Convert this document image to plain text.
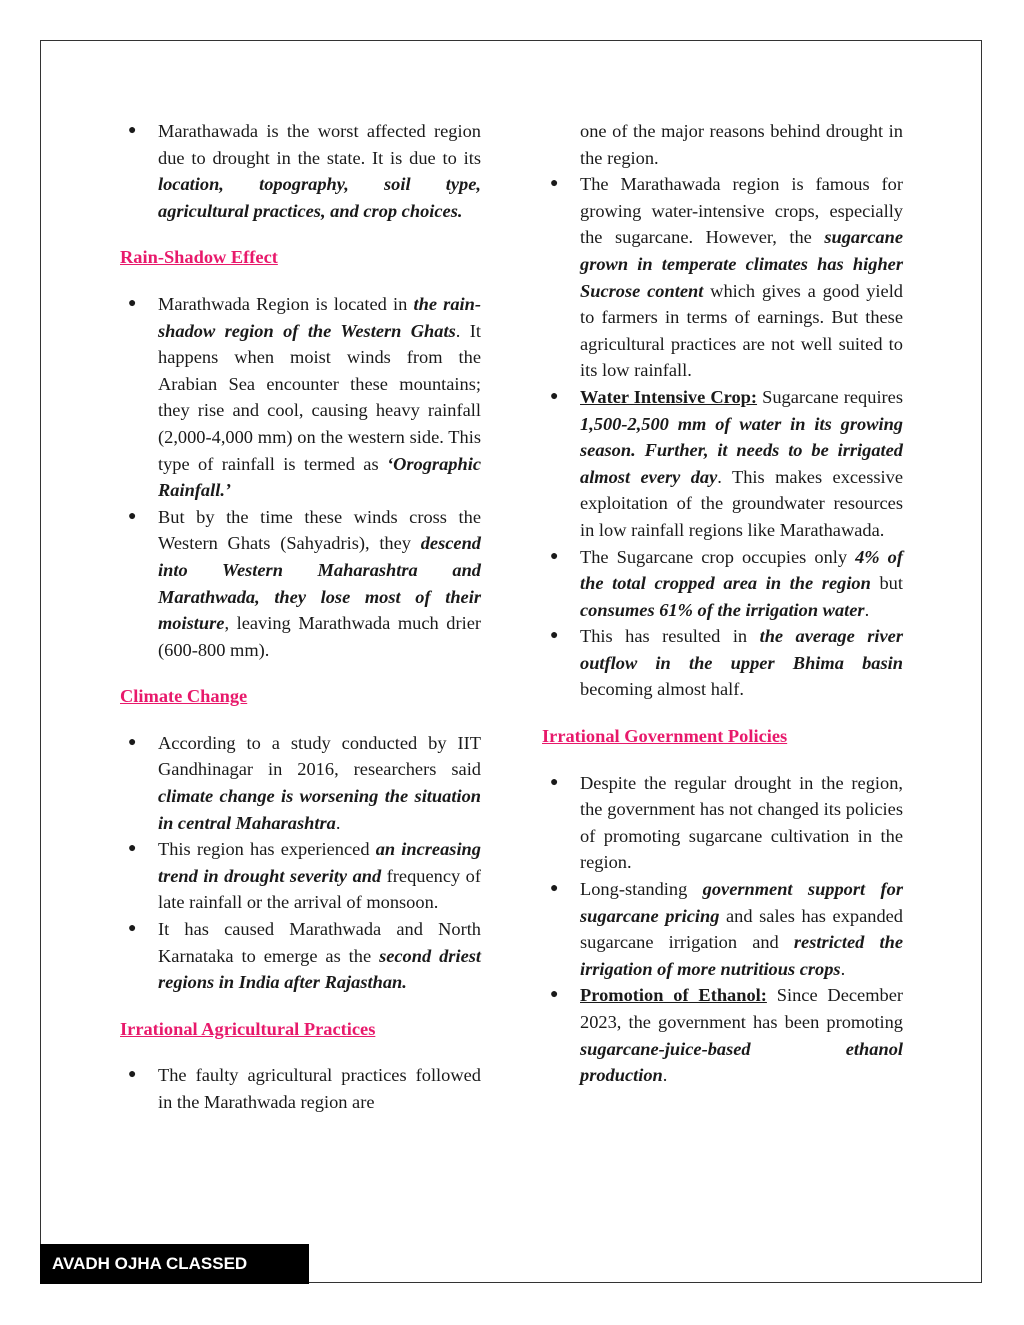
● Marathawada is the worst affected region due to drought in the state. It is due to its location, topography, soil type, agricultural practices, and crop choices.

Rain-Shadow Effect

● Marathwada Region is located in the rain-shadow region of the Western Ghats. It happens when moist winds from the Arabian Sea encounter these mountains; they rise and cool, causing heavy rainfall (2,000-4,000 mm) on the western side. This type of rainfall is termed as ‘Orographic Rainfall.’
● But by the time these winds cross the Western Ghats (Sahyadris), they descend into Western Maharashtra and Marathwada, they lose most of their moisture, leaving Marathwada much drier (600-800 mm).

Climate Change

● According to a study conducted by IIT Gandhinagar in 2016, researchers said climate change is worsening the situation in central Maharashtra.
● This region has experienced an increasing trend in drought severity and frequency of late rainfall or the arrival of monsoon.
● It has caused Marathwada and North Karnataka to emerge as the second driest regions in India after Rajasthan.

Irrational Agricultural Practices

● The faulty agricultural practices followed in the Marathwada region are

one of the major reasons behind drought in the region.

● The Marathawada region is famous for growing water-intensive crops, especially the sugarcane. However, the sugarcane grown in temperate climates has higher Sucrose content which gives a good yield to farmers in terms of earnings. But these agricultural practices are not well suited to its low rainfall.
● Water Intensive Crop: Sugarcane requires 1,500-2,500 mm of water in its growing season. Further, it needs to be irrigated almost every day. This makes excessive exploitation of the groundwater resources in low rainfall regions like Marathawada.
● The Sugarcane crop occupies only 4% of the total cropped area in the region but consumes 61% of the irrigation water.
● This has resulted in the average river outflow in the upper Bhima basin becoming almost half.

Irrational Government Policies

● Despite the regular drought in the region, the government has not changed its policies of promoting sugarcane cultivation in the region.
● Long-standing government support for sugarcane pricing and sales has expanded sugarcane irrigation and restricted the irrigation of more nutritious crops.
● Promotion of Ethanol: Since December 2023, the government has been promoting sugarcane-juice-based ethanol production.
AVADH OJHA CLASSED
